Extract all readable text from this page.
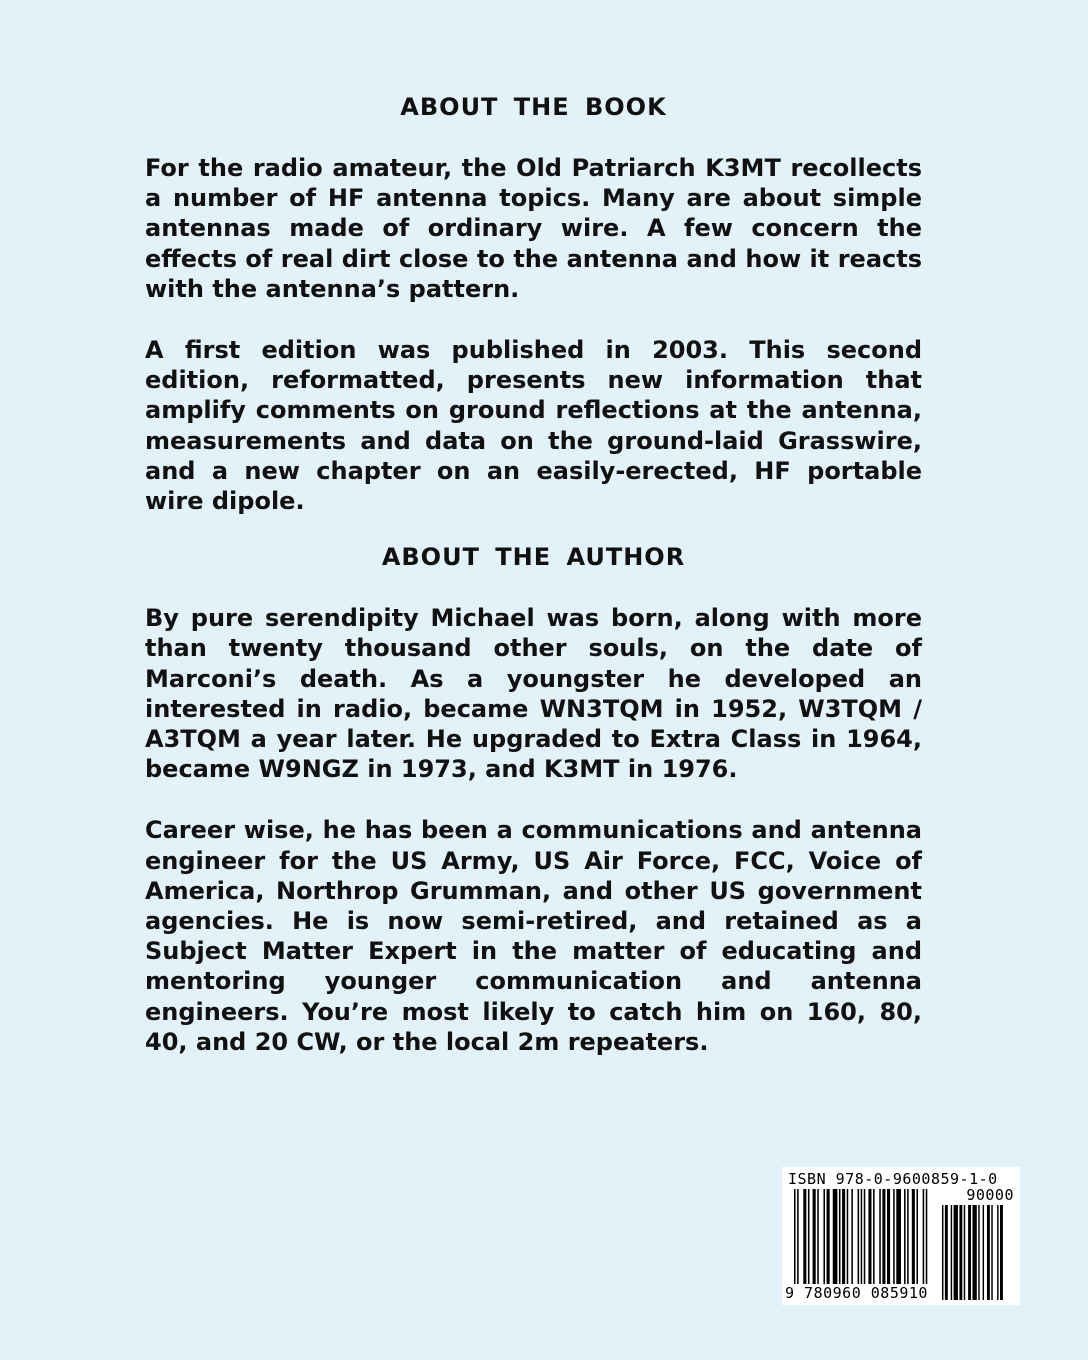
ABOUT THE BOOK

For the radio amateur, the Old Patriarch K3MT recollects a number of HF antenna topics. Many are about simple antennas made of ordinary wire. A few concern the effects of real dirt close to the antenna and how it reacts with the antenna’s pattern.

A first edition was published in 2003. This second edition, reformatted, presents new information that amplify comments on ground reflections at the antenna, measurements and data on the ground-laid Grasswire, and a new chapter on an easily-erected, HF portable wire dipole.

ABOUT THE AUTHOR

By pure serendipity Michael was born, along with more than twenty thousand other souls, on the date of Marconi’s death. As a youngster he developed an interested in radio, became WN3TQM in 1952, W3TQM / A3TQM a year later. He upgraded to Extra Class in 1964, became W9NGZ in 1973, and K3MT in 1976.

Career wise, he has been a communications and antenna engineer for the US Army, US Air Force, FCC, Voice of America, Northrop Grumman, and other US government agencies. He is now semi-retired, and retained as a Subject Matter Expert in the matter of educating and mentoring younger communication and antenna engineers. You’re most likely to catch him on 160, 80, 40, and 20 CW, or the local 2m repeaters.

ISBN 978-0-9600859-1-0
90000
9 780960 085910
